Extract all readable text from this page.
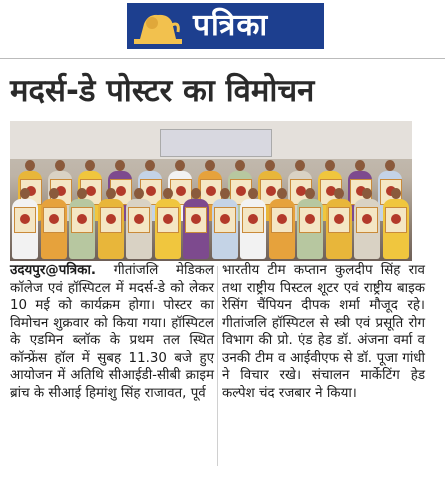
पत्रिका
मदर्स-डे पोस्टर का विमोचन

उदयपुर@पत्रिका. गीतांजलि मेडिकल कॉलेज एवं हॉस्पिटल में मदर्स-डे को लेकर 10 मई को कार्यक्रम होगा। पोस्टर का विमोचन शुक्रवार को किया गया। हॉस्पिटल के एडमिन ब्लॉक के प्रथम तल स्थित कॉन्फ्रेंस हॉल में सुबह 11.30 बजे हुए आयोजन में अतिथि सीआईडी-सीबी क्राइम ब्रांच के सीआई हिमांशु सिंह राजावत, पूर्व

भारतीय टीम कप्तान कुलदीप सिंह राव तथा राष्ट्रीय पिस्टल शूटर एवं राष्ट्रीय बाइक रेसिंग चैंपियन दीपक शर्मा मौजूद रहे। गीतांजलि हॉस्पिटल से स्त्री एवं प्रसूति रोग विभाग की प्रो. एंड हेड डॉ. अंजना वर्मा व उनकी टीम व आईवीएफ से डॉ. पूजा गांधी ने विचार रखे। संचालन मार्केटिंग हेड कल्पेश चंद रजबार ने किया।
